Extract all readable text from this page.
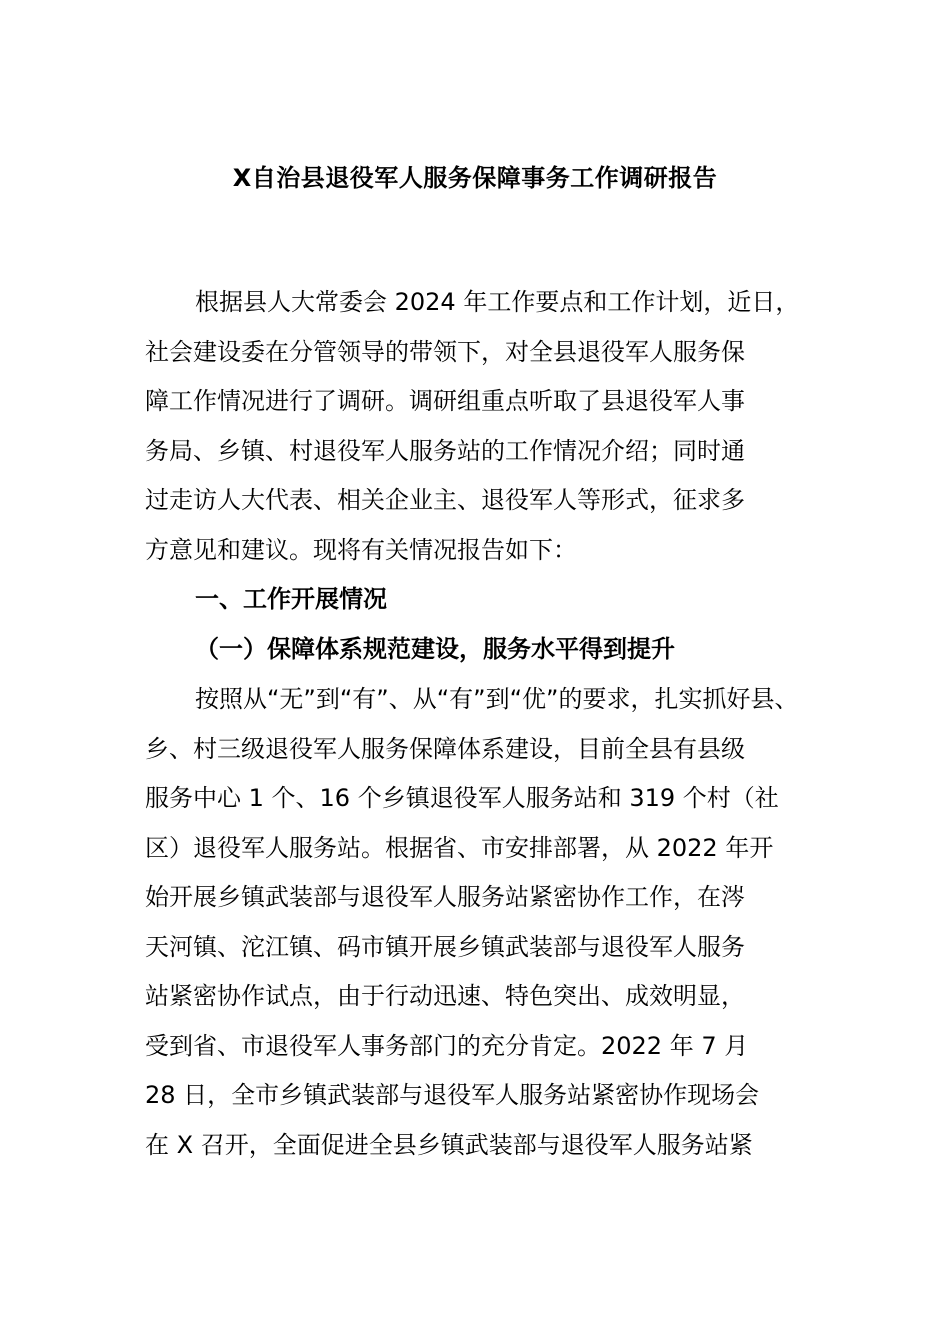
X自治县退役军人服务保障事务工作调研报告
根据县人大常委会 2024 年工作要点和工作计划，近日，
社会建设委在分管领导的带领下，对全县退役军人服务保
障工作情况进行了调研。调研组重点听取了县退役军人事
务局、乡镇、村退役军人服务站的工作情况介绍；同时通
过走访人大代表、相关企业主、退役军人等形式，征求多
方意见和建议。现将有关情况报告如下：
一、工作开展情况
（一）保障体系规范建设，服务水平得到提升
按照从“无”到“有”、从“有”到“优”的要求，扎实抓好县、
乡、村三级退役军人服务保障体系建设，目前全县有县级
服务中心 1 个、16 个乡镇退役军人服务站和 319 个村（社
区）退役军人服务站。根据省、市安排部署，从 2022 年开
始开展乡镇武装部与退役军人服务站紧密协作工作，在涔
天河镇、沱江镇、码市镇开展乡镇武装部与退役军人服务
站紧密协作试点，由于行动迅速、特色突出、成效明显，
受到省、市退役军人事务部门的充分肯定。2022 年 7 月
28 日，全市乡镇武装部与退役军人服务站紧密协作现场会
在 X 召开，全面促进全县乡镇武装部与退役军人服务站紧
